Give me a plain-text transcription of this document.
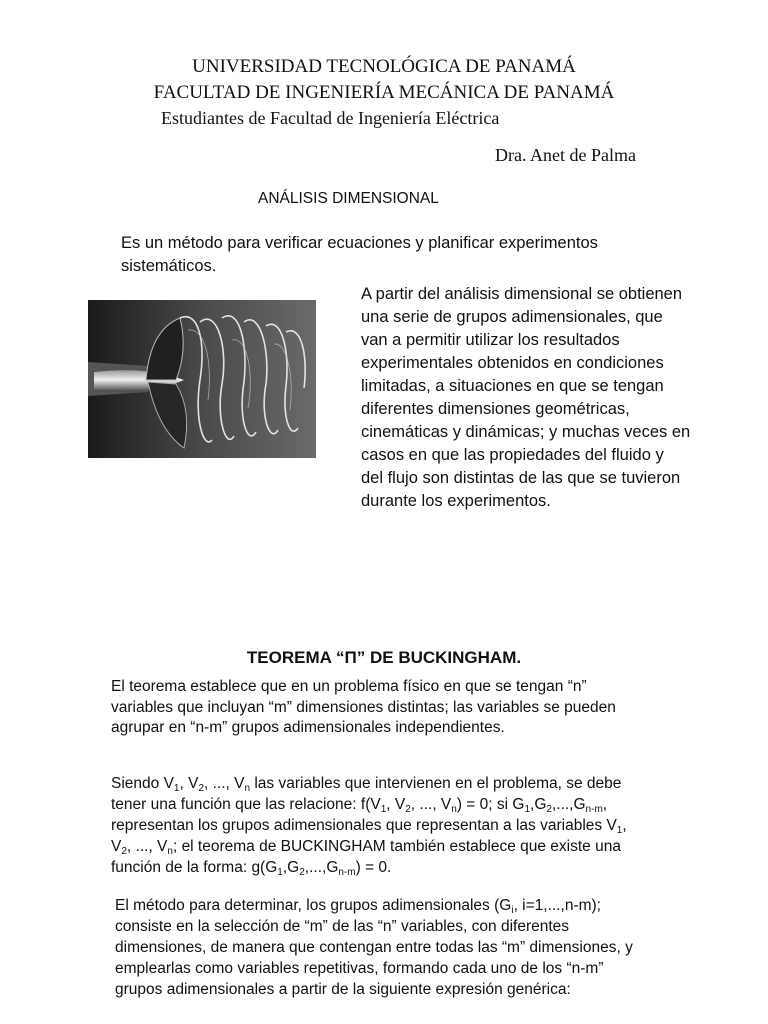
UNIVERSIDAD TECNOLÓGICA DE PANAMÁ
FACULTAD DE INGENIERÍA MECÁNICA DE PANAMÁ
Estudiantes de Facultad de Ingeniería Eléctrica
Dra. Anet de Palma
ANÁLISIS DIMENSIONAL
Es un método para verificar ecuaciones y planificar experimentos
sistemáticos.
A partir del análisis dimensional se obtienen
una serie de grupos adimensionales, que
van a permitir utilizar los resultados
experimentales obtenidos en condiciones
limitadas, a situaciones en que se tengan
diferentes dimensiones geométricas,
cinemáticas y dinámicas; y muchas veces en
casos en que las propiedades del fluido y
del flujo son distintas de las que se tuvieron
durante los experimentos.
TEOREMA “Π” DE BUCKINGHAM.
El teorema establece que en un problema físico en que se tengan “n”
variables que incluyan “m” dimensiones distintas; las variables se pueden
agrupar en “n-m” grupos adimensionales independientes.
Siendo $V_1$, $V_2$, ..., $V_n$ las variables que intervienen en el problema, se debe
tener una función que las relacione: $f(V_1$, $V_2$, ..., $V_n) = 0$; si $G_1,G_2,...,G_{n-m}$,
representan los grupos adimensionales que representan a las variables $V_1$,
$V_2$, ..., $V_n$; el teorema de BUCKINGHAM también establece que existe una
función de la forma: $g(G_1,G_2,...,G_{n-m}) = 0$.
El método para determinar, los grupos adimensionales ($G_i$, i=1,...,n-m);
consiste en la selección de “m” de las “n” variables, con diferentes
dimensiones, de manera que contengan entre todas las “m” dimensiones, y
emplearlas como variables repetitivas, formando cada uno de los “n-m”
grupos adimensionales a partir de la siguiente expresión genérica:
